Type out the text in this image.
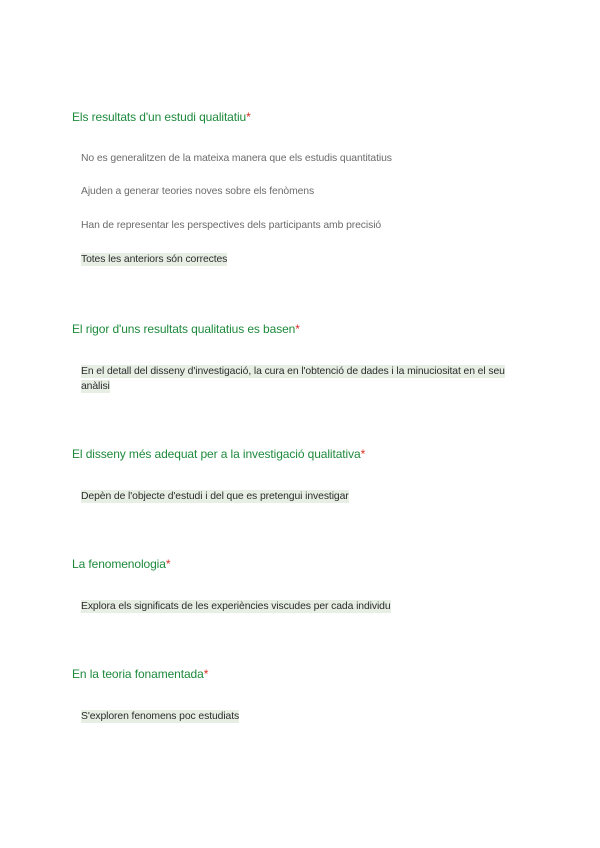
Els resultats d'un estudi qualitatiu*
No es generalitzen de la mateixa manera que els estudis quantitatius
Ajuden a generar teories noves sobre els fenòmens
Han de representar les perspectives dels participants amb precisió
Totes les anteriors són correctes
El rigor d'uns resultats qualitatius es basen*
En el detall del disseny d'investigació, la cura en l'obtenció de dades i la minuciositat en el seu anàlisi
El disseny més adequat per a la investigació qualitativa*
Depèn de l'objecte d'estudi i del que es pretengui investigar
La fenomenologia*
Explora els significats de les experiències viscudes per cada individu
En la teoria fonamentada*
S'exploren fenomens poc estudiats
